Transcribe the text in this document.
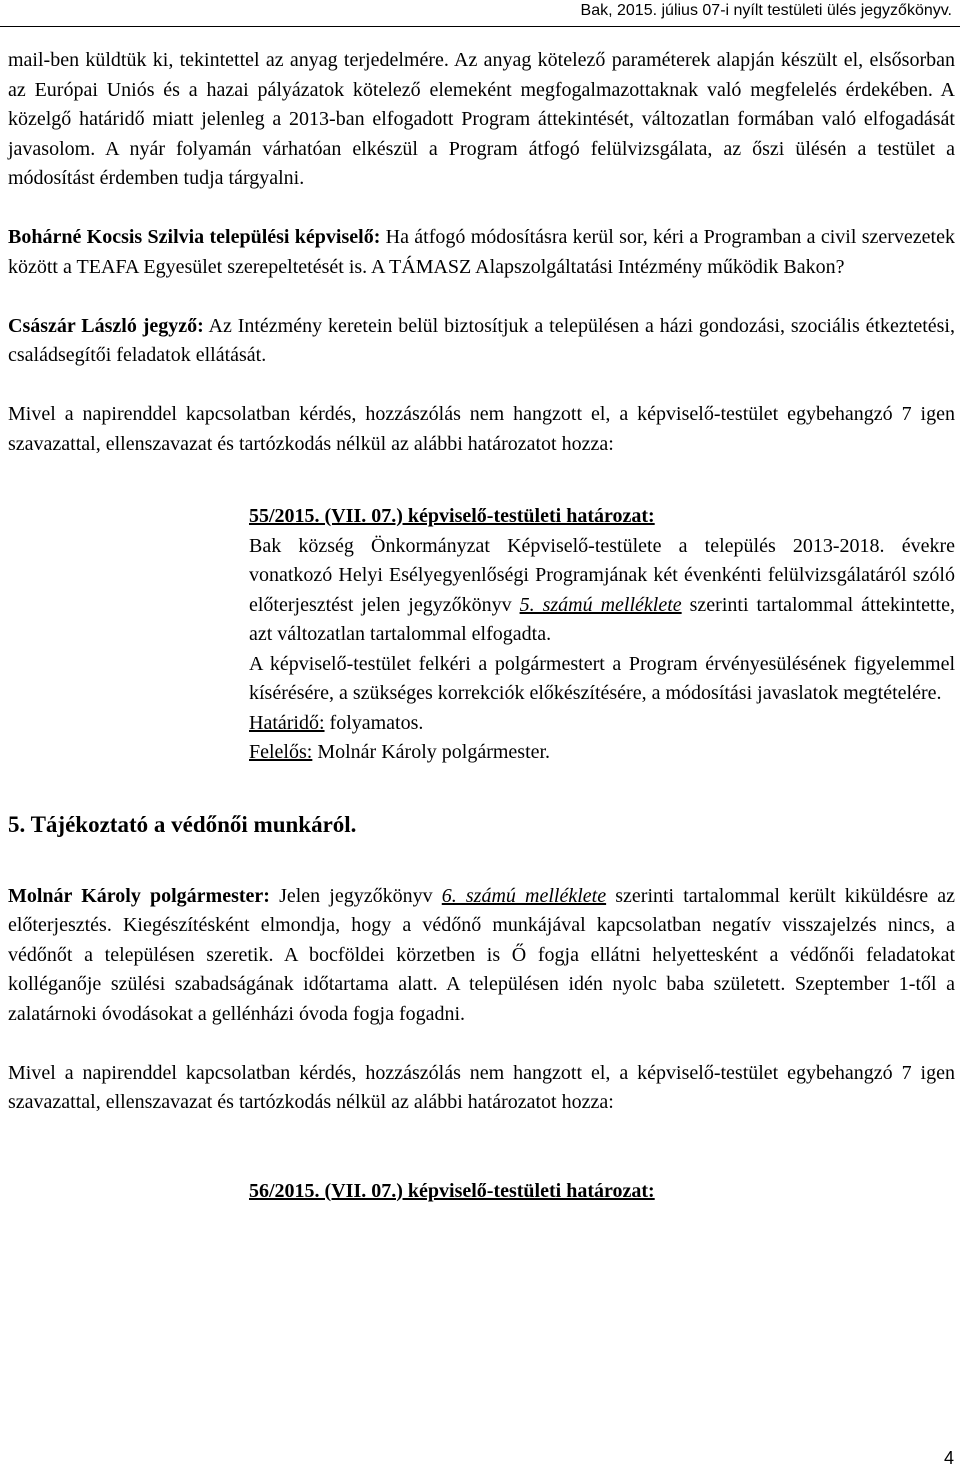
Bak, 2015. július 07-i nyílt testületi ülés jegyzőkönyv.

mail-ben küldtük ki, tekintettel az anyag terjedelmére. Az anyag kötelező paraméterek alapján készült el, elsősorban az Európai Uniós és a hazai pályázatok kötelező elemeként megfogalmazottaknak való megfelelés érdekében. A közelgő határidő miatt jelenleg a 2013-ban elfogadott Program áttekintését, változatlan formában való elfogadását javasolom. A nyár folyamán várhatóan elkészül a Program átfogó felülvizsgálata, az őszi ülésén a testület a módosítást érdemben tudja tárgyalni.

Bohárné Kocsis Szilvia települési képviselő: Ha átfogó módosításra kerül sor, kéri a Programban a civil szervezetek között a TEAFA Egyesület szerepeltetését is. A TÁMASZ Alapszolgáltatási Intézmény működik Bakon?

Császár László jegyző: Az Intézmény keretein belül biztosítjuk a településen a házi gondozási, szociális étkeztetési, családsegítői feladatok ellátását.

Mivel a napirenddel kapcsolatban kérdés, hozzászólás nem hangzott el, a képviselő-testület egybehangzó 7 igen szavazattal, ellenszavazat és tartózkodás nélkül az alábbi határozatot hozza:

55/2015. (VII. 07.) képviselő-testületi határozat:

Bak község Önkormányzat Képviselő-testülete a település 2013-2018. évekre vonatkozó Helyi Esélyegyenlőségi Programjának két évenkénti felülvizsgálatáról szóló előterjesztést jelen jegyzőkönyv 5. számú melléklete szerinti tartalommal áttekintette, azt változatlan tartalommal elfogadta.

A képviselő-testület felkéri a polgármestert a Program érvényesülésének figyelemmel kísérésére, a szükséges korrekciók előkészítésére, a módosítási javaslatok megtételére.

Határidő: folyamatos.

Felelős: Molnár Károly polgármester.

5. Tájékoztató a védőnői munkáról.

Molnár Károly polgármester: Jelen jegyzőkönyv 6. számú melléklete szerinti tartalommal került kiküldésre az előterjesztés. Kiegészítésként elmondja, hogy a védőnő munkájával kapcsolatban negatív visszajelzés nincs, a védőnőt a településen szeretik. A bocföldei körzetben is Ő fogja ellátni helyettesként a védőnői feladatokat kolléganője szülési szabadságának időtartama alatt. A településen idén nyolc baba született. Szeptember 1-től a zalatárnoki óvodásokat a gellénházi óvoda fogja fogadni.

Mivel a napirenddel kapcsolatban kérdés, hozzászólás nem hangzott el, a képviselő-testület egybehangzó 7 igen szavazattal, ellenszavazat és tartózkodás nélkül az alábbi határozatot hozza:

56/2015. (VII. 07.) képviselő-testületi határozat:

4
